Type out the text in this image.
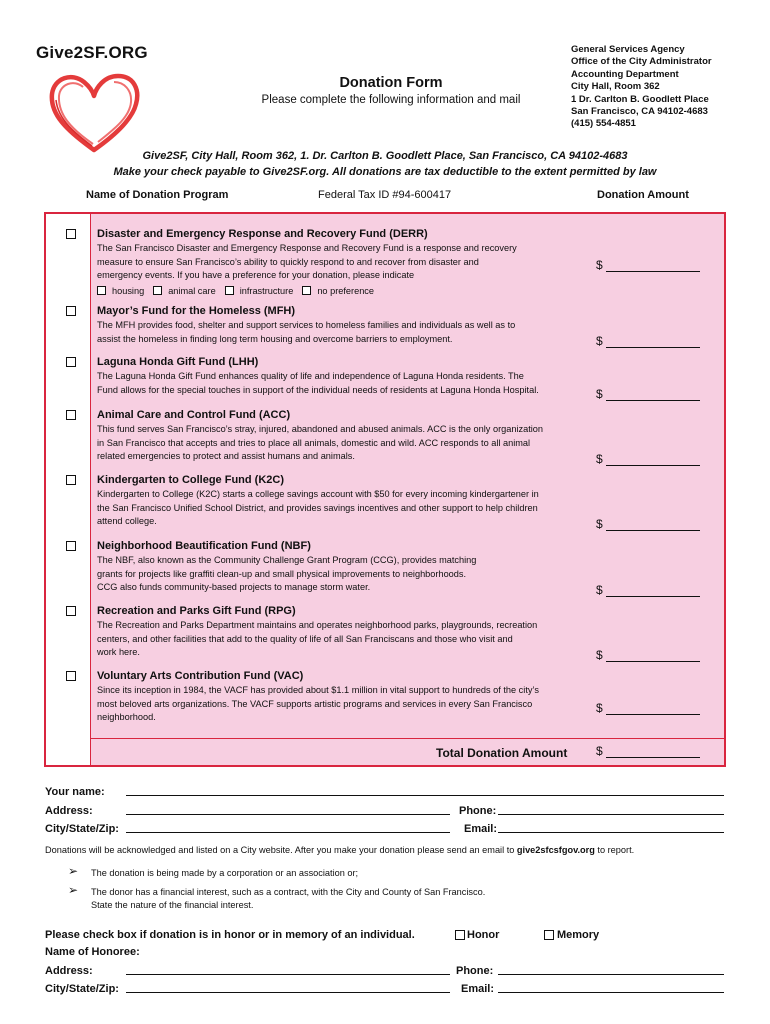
Give2SF.ORG
Donation Form
Please complete the following information and mail
General Services Agency
Office of the City Administrator
Accounting Department
City Hall, Room 362
1 Dr. Carlton B. Goodlett Place
San Francisco, CA 94102-4683
(415) 554-4851
Give2SF, City Hall, Room 362, 1. Dr. Carlton B. Goodlett Place, San Francisco, CA 94102-4683
Make your check payable to Give2SF.org. All donations are tax deductible to the extent permitted by law
Name of Donation Program	Federal Tax ID #94-600417	Donation Amount
Disaster and Emergency Response and Recovery Fund (DERR)
The San Francisco Disaster and Emergency Response and Recovery Fund is a response and recovery
measure to ensure San Francisco’s ability to quickly respond to and recover from disaster and
emergency events. If you have a preference for your donation, please indicate
housing	animal care	infrastructure	no preference
$
Mayor’s Fund for the Homeless (MFH)
The MFH provides food, shelter and support services to homeless families and individuals as well as to
assist the homeless in finding long term housing and overcome barriers to employment.	$
Laguna Honda Gift Fund (LHH)
The Laguna Honda Gift Fund enhances quality of life and independence of Laguna Honda residents. The
Fund allows for the special touches in support of the individual needs of residents at Laguna Honda Hospital.	$
Animal Care and Control Fund (ACC)
This fund serves San Francisco’s stray, injured, abandoned and abused animals. ACC is the only organization
in San Francisco that accepts and tries to place all animals, domestic and wild. ACC responds to all animal
related emergencies to protect and assist humans and animals.	$
Kindergarten to College Fund (K2C)
Kindergarten to College (K2C) starts a college savings account with $50 for every incoming kindergartener in
the San Francisco Unified School District, and provides savings incentives and other support to help children
attend college.	$
Neighborhood Beautification Fund (NBF)
The NBF, also known as the Community Challenge Grant Program (CCG), provides matching
grants for projects like graffiti clean-up and small physical improvements to neighborhoods.
CCG also funds community-based projects to manage storm water.	$
Recreation and Parks Gift Fund (RPG)
The Recreation and Parks Department maintains and operates neighborhood parks, playgrounds, recreation
centers, and other facilities that add to the quality of life of all San Franciscans and those who visit and
work here.	$
Voluntary Arts Contribution Fund (VAC)
Since its inception in 1984, the VACF has provided about $1.1 million in vital support to hundreds of the city’s
most beloved arts organizations. The VACF supports artistic programs and services in every San Francisco
neighborhood.
$
Total Donation Amount $
Your name:
Address:	Phone:
City/State/Zip:	Email:
Donations will be acknowledged and listed on a City website. After you make your donation please send an email to give2sfcsfgov.org to report.
➢ The donation is being made by a corporation or an association or;
➢ The donor has a financial interest, such as a contract, with the City and County of San Francisco.
State the nature of the financial interest.
Please check box if donation is in honor or in memory of an individual.	Honor	Memory
Name of Honoree:
Address:	Phone:
City/State/Zip:	Email:
